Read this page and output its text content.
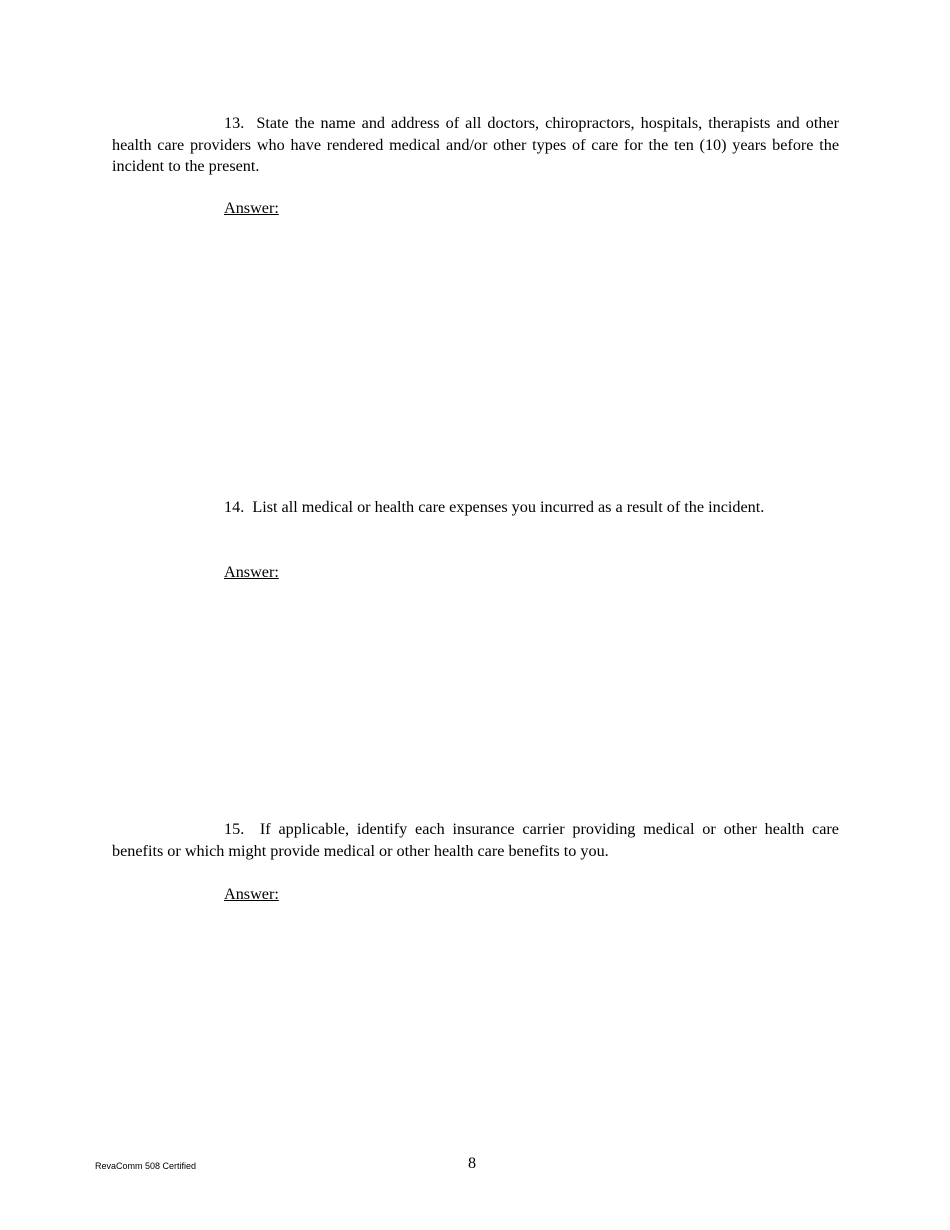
13. State the name and address of all doctors, chiropractors, hospitals, therapists and other health care providers who have rendered medical and/or other types of care for the ten (10) years before the incident to the present.

Answer:

14. List all medical or health care expenses you incurred as a result of the incident.

Answer:

15. If applicable, identify each insurance carrier providing medical or other health care benefits or which might provide medical or other health care benefits to you.

Answer:

RevaComm 508 Certified	8
